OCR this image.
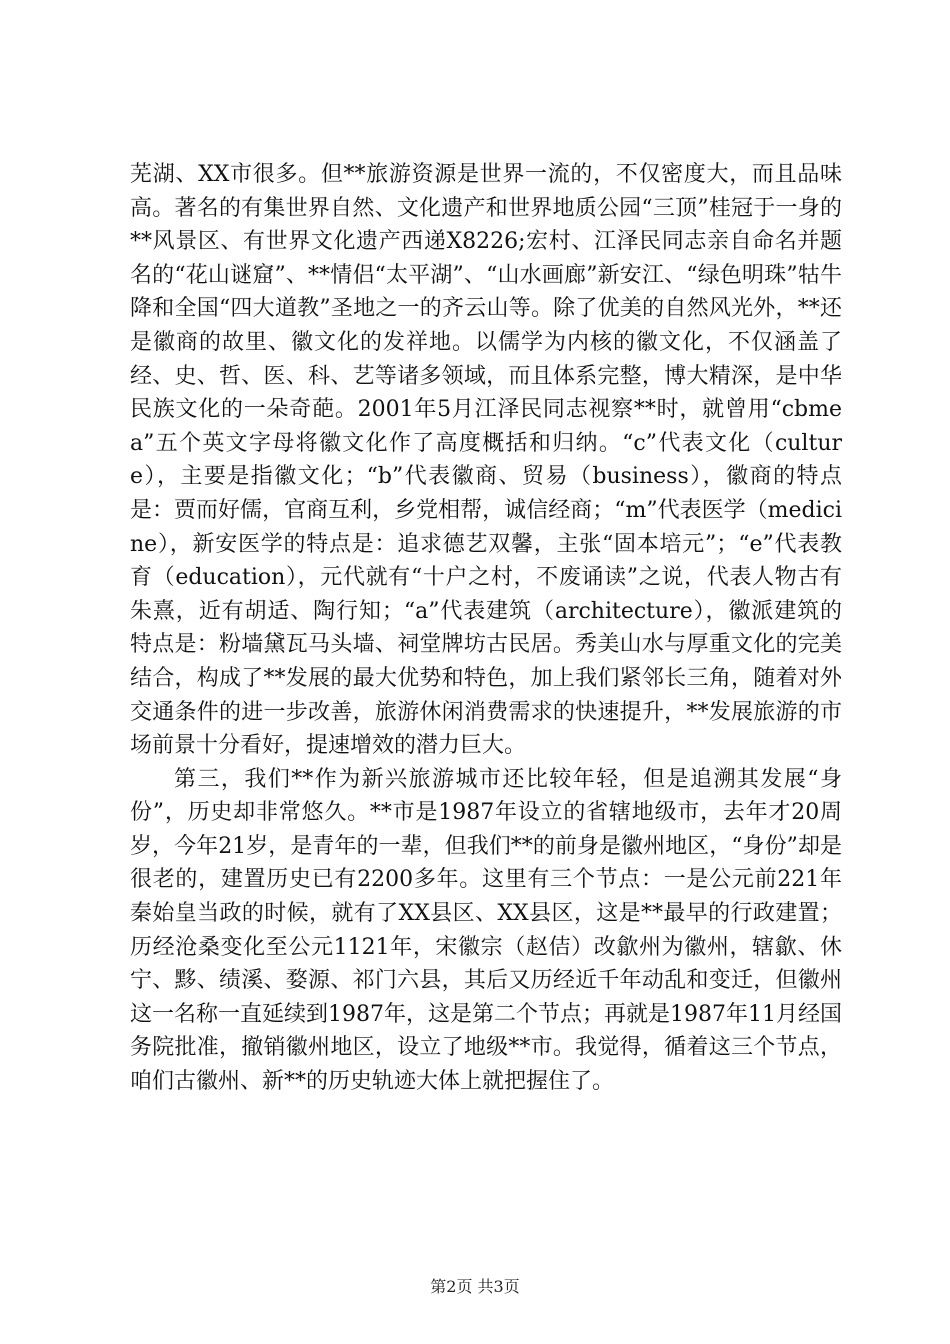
芜湖、XX市很多。但**旅游资源是世界一流的，不仅密度大，而且品味高。著名的有集世界自然、文化遗产和世界地质公园“三顶”桂冠于一身的**风景区、有世界文化遗产西递X8226;宏村、江泽民同志亲自命名并题名的“花山谜窟”、**情侣“太平湖”、“山水画廊”新安江、“绿色明珠”牯牛降和全国“四大道教”圣地之一的齐云山等。除了优美的自然风光外，**还是徽商的故里、徽文化的发祥地。以儒学为内核的徽文化，不仅涵盖了经、史、哲、医、科、艺等诸多领域，而且体系完整，博大精深，是中华民族文化的一朵奇葩。2001年5月江泽民同志视察**时，就曾用“cbmea”五个英文字母将徽文化作了高度概括和归纳。“c”代表文化（culture），主要是指徽文化；“b”代表徽商、贸易（business），徽商的特点是：贾而好儒，官商互利，乡党相帮，诚信经商；“m”代表医学（medicine），新安医学的特点是：追求德艺双馨，主张“固本培元”；“e”代表教育（education），元代就有“十户之村，不废诵读”之说，代表人物古有朱熹，近有胡适、陶行知；“a”代表建筑（architecture），徽派建筑的特点是：粉墙黛瓦马头墙、祠堂牌坊古民居。秀美山水与厚重文化的完美结合，构成了**发展的最大优势和特色，加上我们紧邻长三角，随着对外交通条件的进一步改善，旅游休闲消费需求的快速提升，**发展旅游的市场前景十分看好，提速增效的潜力巨大。

第三，我们**作为新兴旅游城市还比较年轻，但是追溯其发展“身份”，历史却非常悠久。**市是1987年设立的省辖地级市，去年才20周岁，今年21岁，是青年的一辈，但我们**的前身是徽州地区，“身份”却是很老的，建置历史已有2200多年。这里有三个节点：一是公元前221年秦始皇当政的时候，就有了XX县区、XX县区，这是**最早的行政建置；历经沧桑变化至公元1121年，宋徽宗（赵佶）改歙州为徽州，辖歙、休宁、黟、绩溪、婺源、祁门六县，其后又历经近千年动乱和变迁，但徽州这一名称一直延续到1987年，这是第二个节点；再就是1987年11月经国务院批准，撤销徽州地区，设立了地级**市。我觉得，循着这三个节点，咱们古徽州、新**的历史轨迹大体上就把握住了。

第2页 共3页
